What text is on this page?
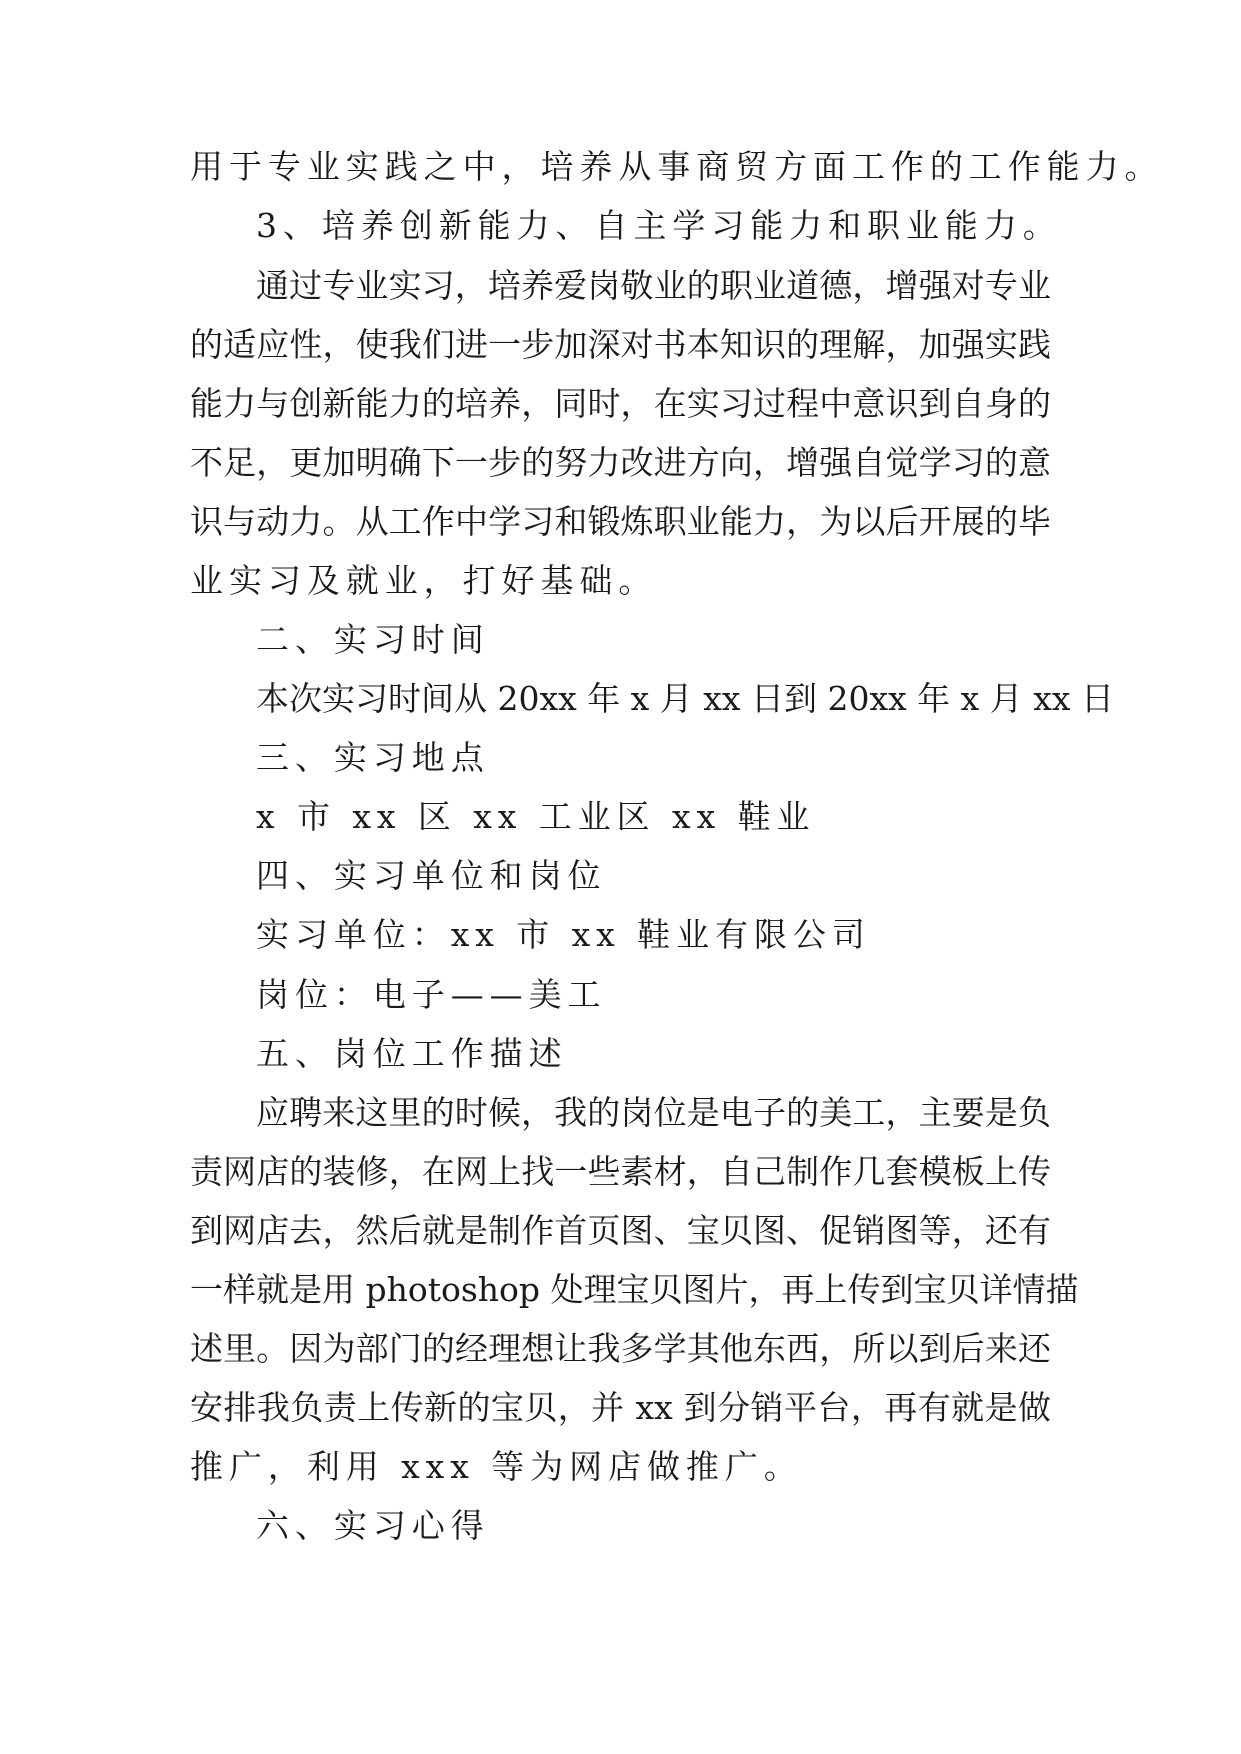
用于专业实践之中，培养从事商贸方面工作的工作能力。
3、培养创新能力、自主学习能力和职业能力。
通过专业实习，培养爱岗敬业的职业道德，增强对专业
的适应性，使我们进一步加深对书本知识的理解，加强实践
能力与创新能力的培养，同时，在实习过程中意识到自身的
不足，更加明确下一步的努力改进方向，增强自觉学习的意
识与动力。从工作中学习和锻炼职业能力，为以后开展的毕
业实习及就业，打好基础。
二、实习时间
本次实习时间从 20xx 年 x 月 xx 日到 20xx 年 x 月 xx 日
三、实习地点
x 市 xx 区 xx 工业区 xx 鞋业
四、实习单位和岗位
实习单位：xx 市 xx 鞋业有限公司
岗位：电子——美工
五、岗位工作描述
应聘来这里的时候，我的岗位是电子的美工，主要是负
责网店的装修，在网上找一些素材，自己制作几套模板上传
到网店去，然后就是制作首页图、宝贝图、促销图等，还有
一样就是用 photoshop 处理宝贝图片，再上传到宝贝详情描
述里。因为部门的经理想让我多学其他东西，所以到后来还
安排我负责上传新的宝贝，并 xx 到分销平台，再有就是做
推广，利用 xxx 等为网店做推广。
六、实习心得
